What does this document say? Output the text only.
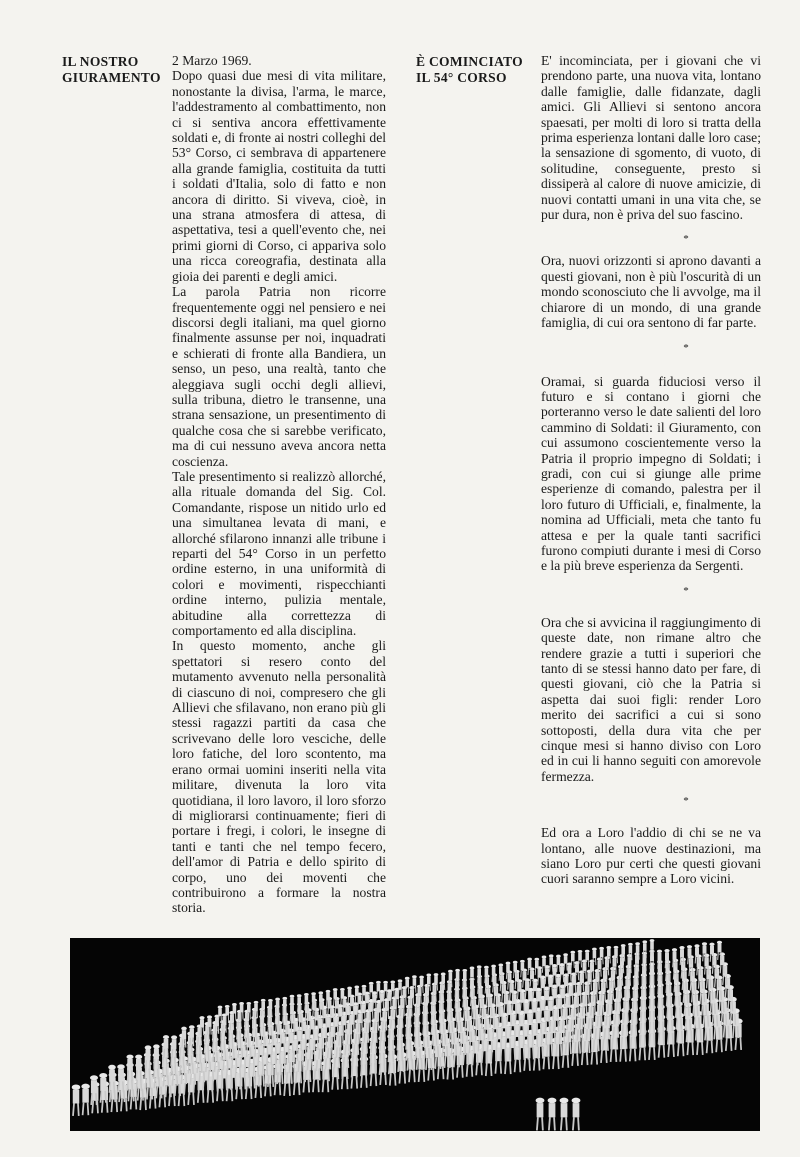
IL NOSTRO
GIURAMENTO

2 Marzo 1969.

Dopo quasi due mesi di vita militare, nonostante la divisa, l'arma, le marce, l'addestramento al combattimento, non ci si sentiva ancora effettivamente soldati e, di fronte ai nostri colleghi del 53° Corso, ci sembrava di appartenere alla grande famiglia, costituita da tutti i soldati d'Italia, solo di fatto e non ancora di diritto. Si viveva, cioè, in una strana atmosfera di attesa, di aspettativa, tesi a quell'evento che, nei primi giorni di Corso, ci appariva solo una ricca coreografia, destinata alla gioia dei parenti e degli amici.

La parola Patria non ricorre frequentemente oggi nel pensiero e nei discorsi degli italiani, ma quel giorno finalmente assunse per noi, inquadrati e schierati di fronte alla Bandiera, un senso, un peso, una realtà, tanto che aleggiava sugli occhi degli allievi, sulla tribuna, dietro le transenne, una strana sensazione, un presentimento di qualche cosa che si sarebbe verificato, ma di cui nessuno aveva ancora netta coscienza.

Tale presentimento si realizzò allorché, alla rituale domanda del Sig. Col. Comandante, rispose un nitido urlo ed una simultanea levata di mani, e allorché sfilarono innanzi alle tribune i reparti del 54° Corso in un perfetto ordine esterno, in una uniformità di colori e movimenti, rispecchianti ordine interno, pulizia mentale, abitudine alla correttezza di comportamento ed alla disciplina.

In questo momento, anche gli spettatori si resero conto del mutamento avvenuto nella personalità di ciascuno di noi, compresero che gli Allievi che sfilavano, non erano più gli stessi ragazzi partiti da casa che scrivevano delle loro vesciche, delle loro fatiche, del loro scontento, ma erano ormai uomini inseriti nella vita militare, divenuta la loro vita quotidiana, il loro lavoro, il loro sforzo di migliorarsi continuamente; fieri di portare i fregi, i colori, le insegne di tanti e tanti che nel tempo fecero, dell'amor di Patria e dello spirito di corpo, uno dei moventi che contribuirono a formare la nostra storia.

È COMINCIATO
IL 54° CORSO

E' incominciata, per i giovani che vi prendono parte, una nuova vita, lontano dalle famiglie, dalle fidanzate, dagli amici. Gli Allievi si sentono ancora spaesati, per molti di loro si tratta della prima esperienza lontani dalle loro case; la sensazione di sgomento, di vuoto, di solitudine, conseguente, presto si dissiperà al calore di nuove amicizie, di nuovi contatti umani in una vita che, se pur dura, non è priva del suo fascino.

*

Ora, nuovi orizzonti si aprono davanti a questi giovani, non è più l'oscurità di un mondo sconosciuto che li avvolge, ma il chiarore di un mondo, di una grande famiglia, di cui ora sentono di far parte.

*

Oramai, si guarda fiduciosi verso il futuro e si contano i giorni che porteranno verso le date salienti del loro cammino di Soldati: il Giuramento, con cui assumono coscientemente verso la Patria il proprio impegno di Soldati; i gradi, con cui si giunge alle prime esperienze di comando, palestra per il loro futuro di Ufficiali, e, finalmente, la nomina ad Ufficiali, meta che tanto fu attesa e per la quale tanti sacrifici furono compiuti durante i mesi di Corso e la più breve esperienza da Sergenti.

*

Ora che si avvicina il raggiungimento di queste date, non rimane altro che rendere grazie a tutti i superiori che tanto di se stessi hanno dato per fare, di questi giovani, ciò che la Patria si aspetta dai suoi figli: render Loro merito dei sacrifici a cui si sono sottoposti, della dura vita che per cinque mesi si hanno diviso con Loro ed in cui li hanno seguiti con amorevole fermezza.

*

Ed ora a Loro l'addio di chi se ne va lontano, alle nuove destinazioni, ma siano Loro pur certi che questi giovani cuori saranno sempre a Loro vicini.
